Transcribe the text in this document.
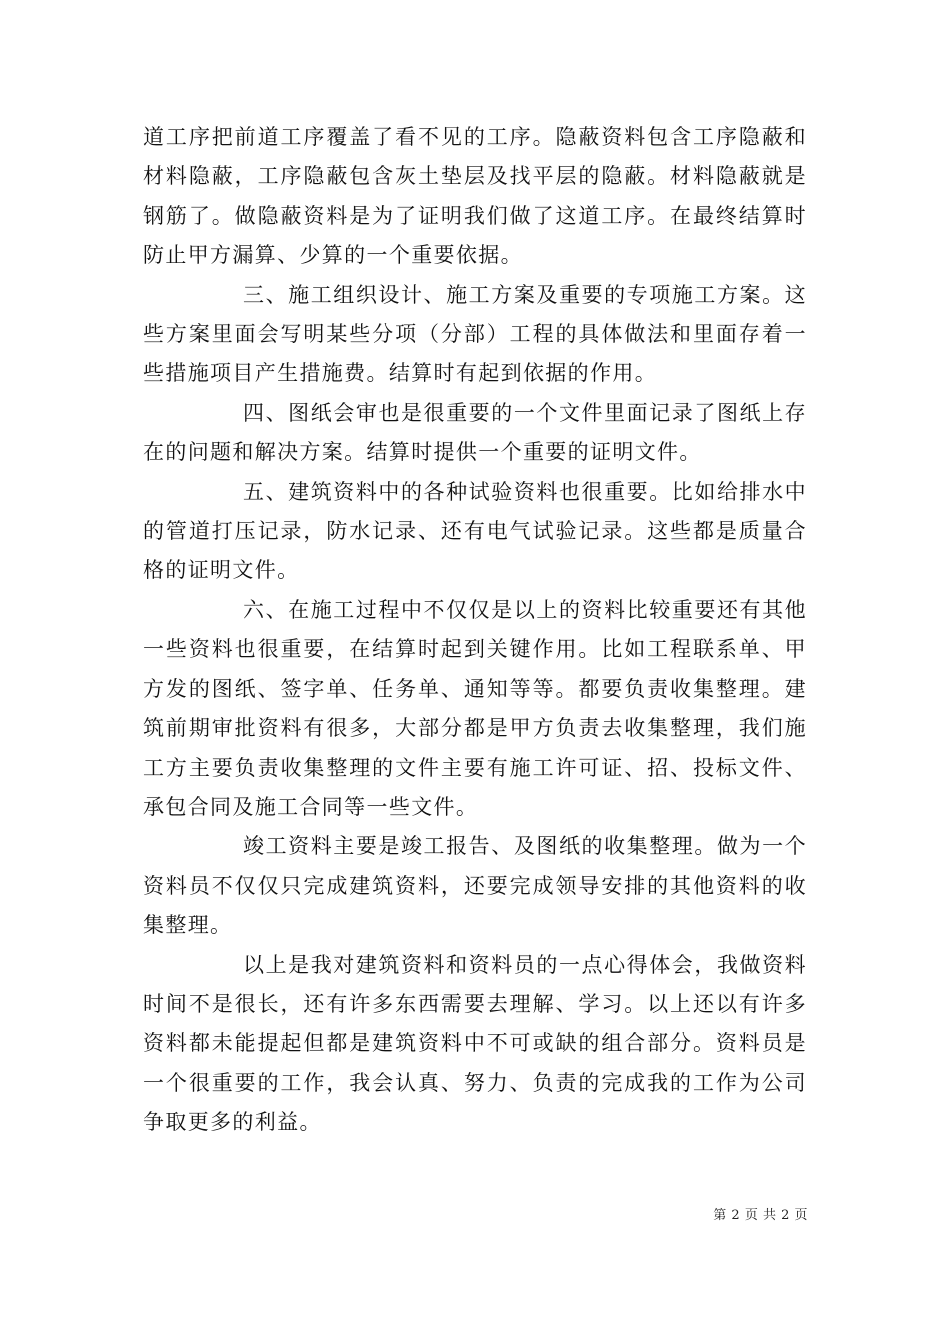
道工序把前道工序覆盖了看不见的工序。隐蔽资料包含工序隐蔽和材料隐蔽，工序隐蔽包含灰土垫层及找平层的隐蔽。材料隐蔽就是钢筋了。做隐蔽资料是为了证明我们做了这道工序。在最终结算时防止甲方漏算、少算的一个重要依据。

三、施工组织设计、施工方案及重要的专项施工方案。这些方案里面会写明某些分项（分部）工程的具体做法和里面存着一些措施项目产生措施费。结算时有起到依据的作用。

四、图纸会审也是很重要的一个文件里面记录了图纸上存在的问题和解决方案。结算时提供一个重要的证明文件。

五、建筑资料中的各种试验资料也很重要。比如给排水中的管道打压记录，防水记录、还有电气试验记录。这些都是质量合格的证明文件。

六、在施工过程中不仅仅是以上的资料比较重要还有其他一些资料也很重要，在结算时起到关键作用。比如工程联系单、甲方发的图纸、签字单、任务单、通知等等。都要负责收集整理。建筑前期审批资料有很多，大部分都是甲方负责去收集整理，我们施工方主要负责收集整理的文件主要有施工许可证、招、投标文件、承包合同及施工合同等一些文件。

竣工资料主要是竣工报告、及图纸的收集整理。做为一个资料员不仅仅只完成建筑资料，还要完成领导安排的其他资料的收集整理。

以上是我对建筑资料和资料员的一点心得体会，我做资料时间不是很长，还有许多东西需要去理解、学习。以上还以有许多资料都未能提起但都是建筑资料中不可或缺的组合部分。资料员是一个很重要的工作，我会认真、努力、负责的完成我的工作为公司争取更多的利益。

第 2 页 共 2 页
